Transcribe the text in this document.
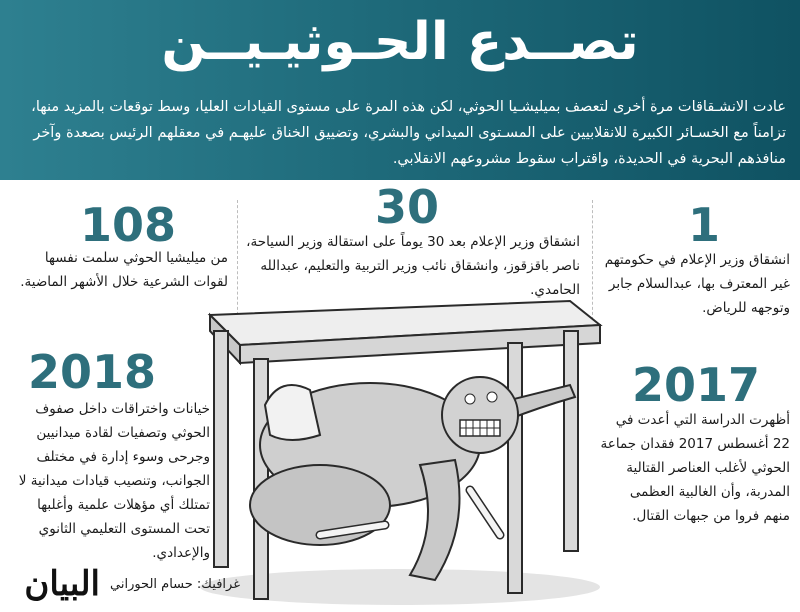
تصــدع الحـوثيـيــن
عادت الانشـقاقات مرة أخرى لتعصف بميليشـيا الحوثي، لكن هذه المرة على مستوى القيادات العليا، وسط توقعات بالمزيد منها، تزامناً مع الخسـائر الكبيرة للانقلابيين على المسـتوى الميداني والبشري، وتضييق الخناق عليهـم في معقلهم الرئيس بصعدة وآخر منافذهم البحرية في الحديدة، واقتراب سقوط مشروعهم الانقلابي.
108
من ميليشيا الحوثي سلمت نفسها لقوات الشرعية خلال الأشهر الماضية.
30
انشقاق وزير الإعلام بعد 30 يوماً على استقالة وزير السياحة، ناصر باقزقوز، وانشقاق نائب وزير التربية والتعليم، عبدالله الحامدي.
1
انشقاق وزير الإعلام في حكومتهم غير المعترف بها، عبدالسلام جابر وتوجهه للرياض.
2018
خيانات واختراقات داخل صفوف الحوثي وتصفيات لقادة ميدانيين وجرحى وسوء إدارة في مختلف الجوانب، وتنصيب قيادات ميدانية لا تمتلك أي مؤهلات علمية وأغلبها تحت المستوى التعليمي الثانوي والإعدادي.
2017
أظهرت الدراسة التي أعدت في 22 أغسطس 2017 فقدان جماعة الحوثي لأغلب العناصر القتالية المدربة، وأن الغالبية العظمى منهم فروا من جبهات القتال.
غرافيك: حسام الحوراني
البيان
